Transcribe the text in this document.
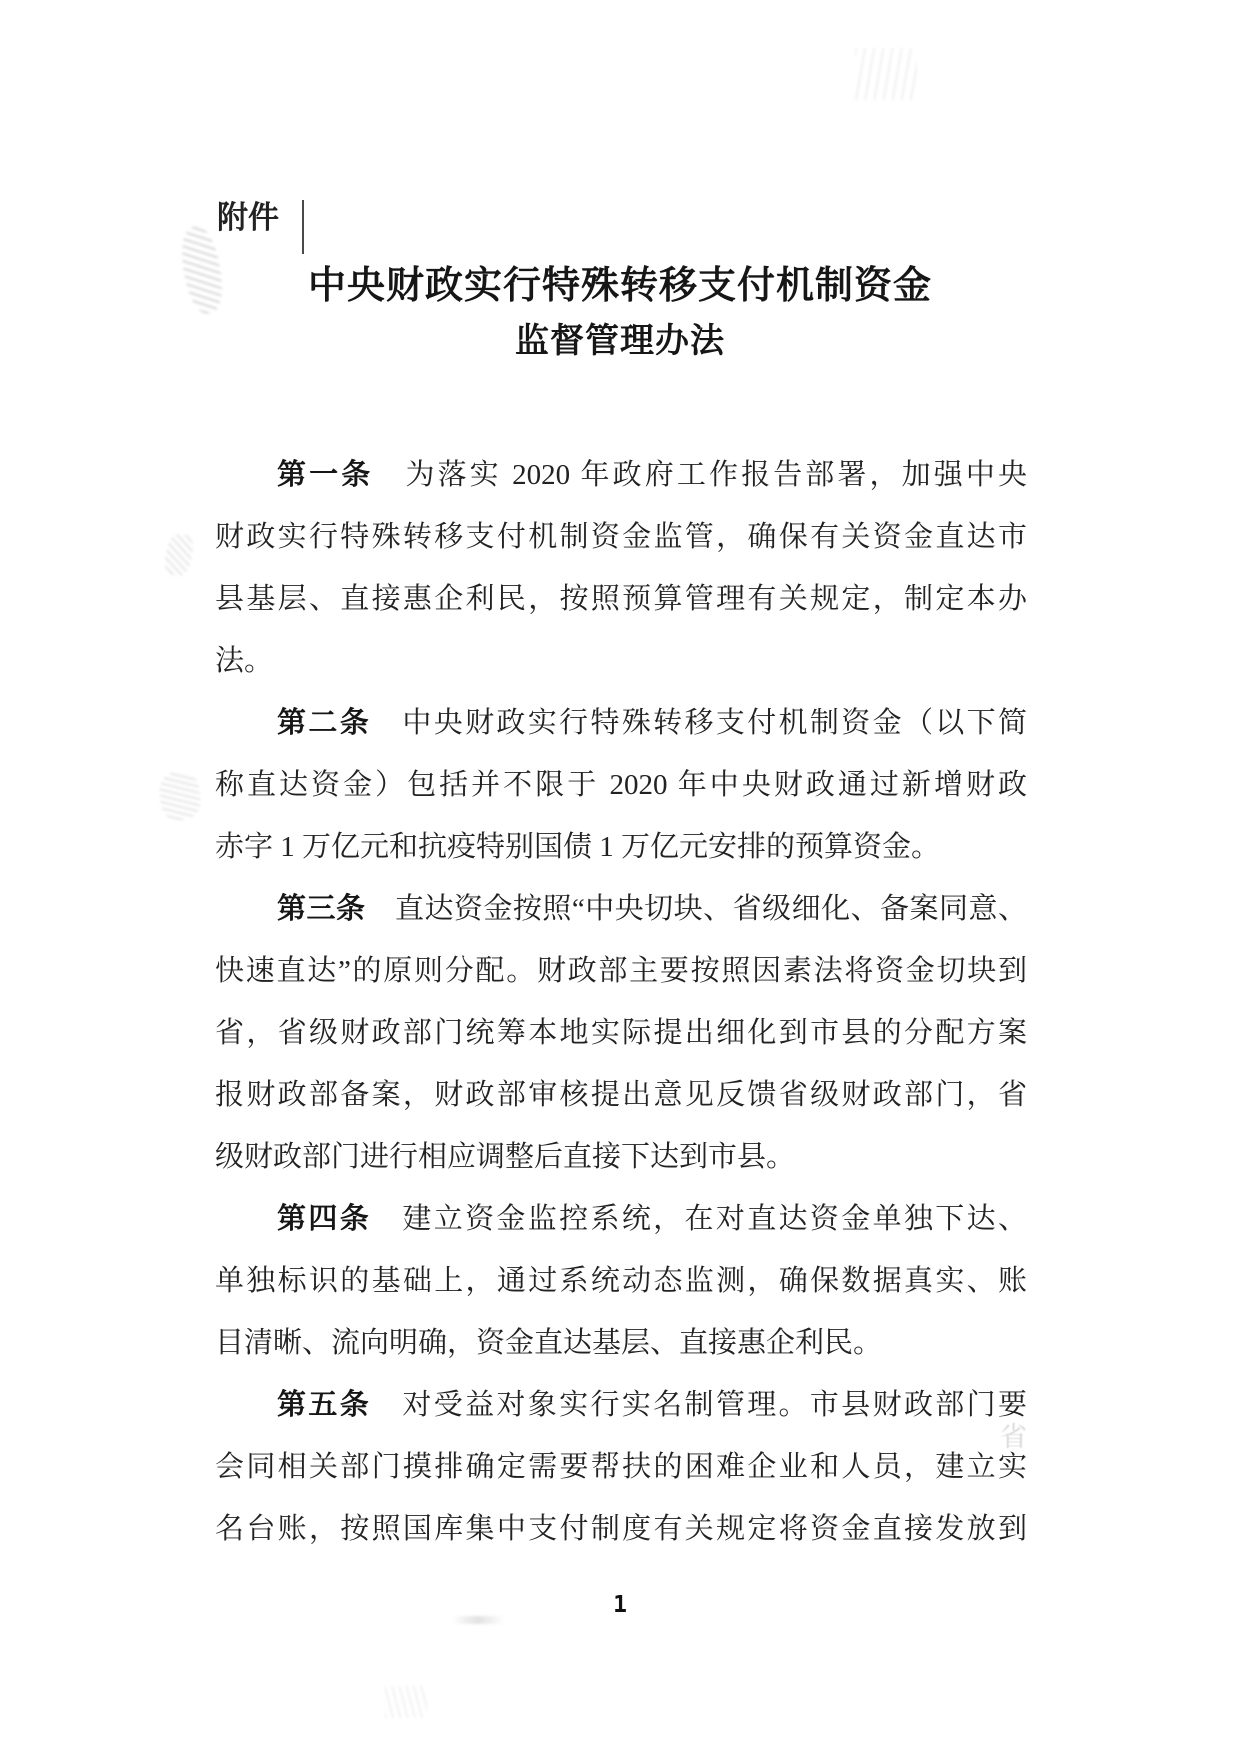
省
附件
中央财政实行特殊转移支付机制资金
监督管理办法

第一条　为落实 2020 年政府工作报告部署，加强中央

财政实行特殊转移支付机制资金监管，确保有关资金直达市

县基层、直接惠企利民，按照预算管理有关规定，制定本办

法。

第二条　中央财政实行特殊转移支付机制资金（以下简

称直达资金）包括并不限于 2020 年中央财政通过新增财政

赤字 1 万亿元和抗疫特别国债 1 万亿元安排的预算资金。

第三条　直达资金按照“中央切块、省级细化、备案同意、

快速直达”的原则分配。财政部主要按照因素法将资金切块到

省，省级财政部门统筹本地实际提出细化到市县的分配方案

报财政部备案，财政部审核提出意见反馈省级财政部门，省

级财政部门进行相应调整后直接下达到市县。

第四条　建立资金监控系统，在对直达资金单独下达、

单独标识的基础上，通过系统动态监测，确保数据真实、账

目清晰、流向明确，资金直达基层、直接惠企利民。

第五条　对受益对象实行实名制管理。市县财政部门要

会同相关部门摸排确定需要帮扶的困难企业和人员，建立实

名台账，按照国库集中支付制度有关规定将资金直接发放到

1
